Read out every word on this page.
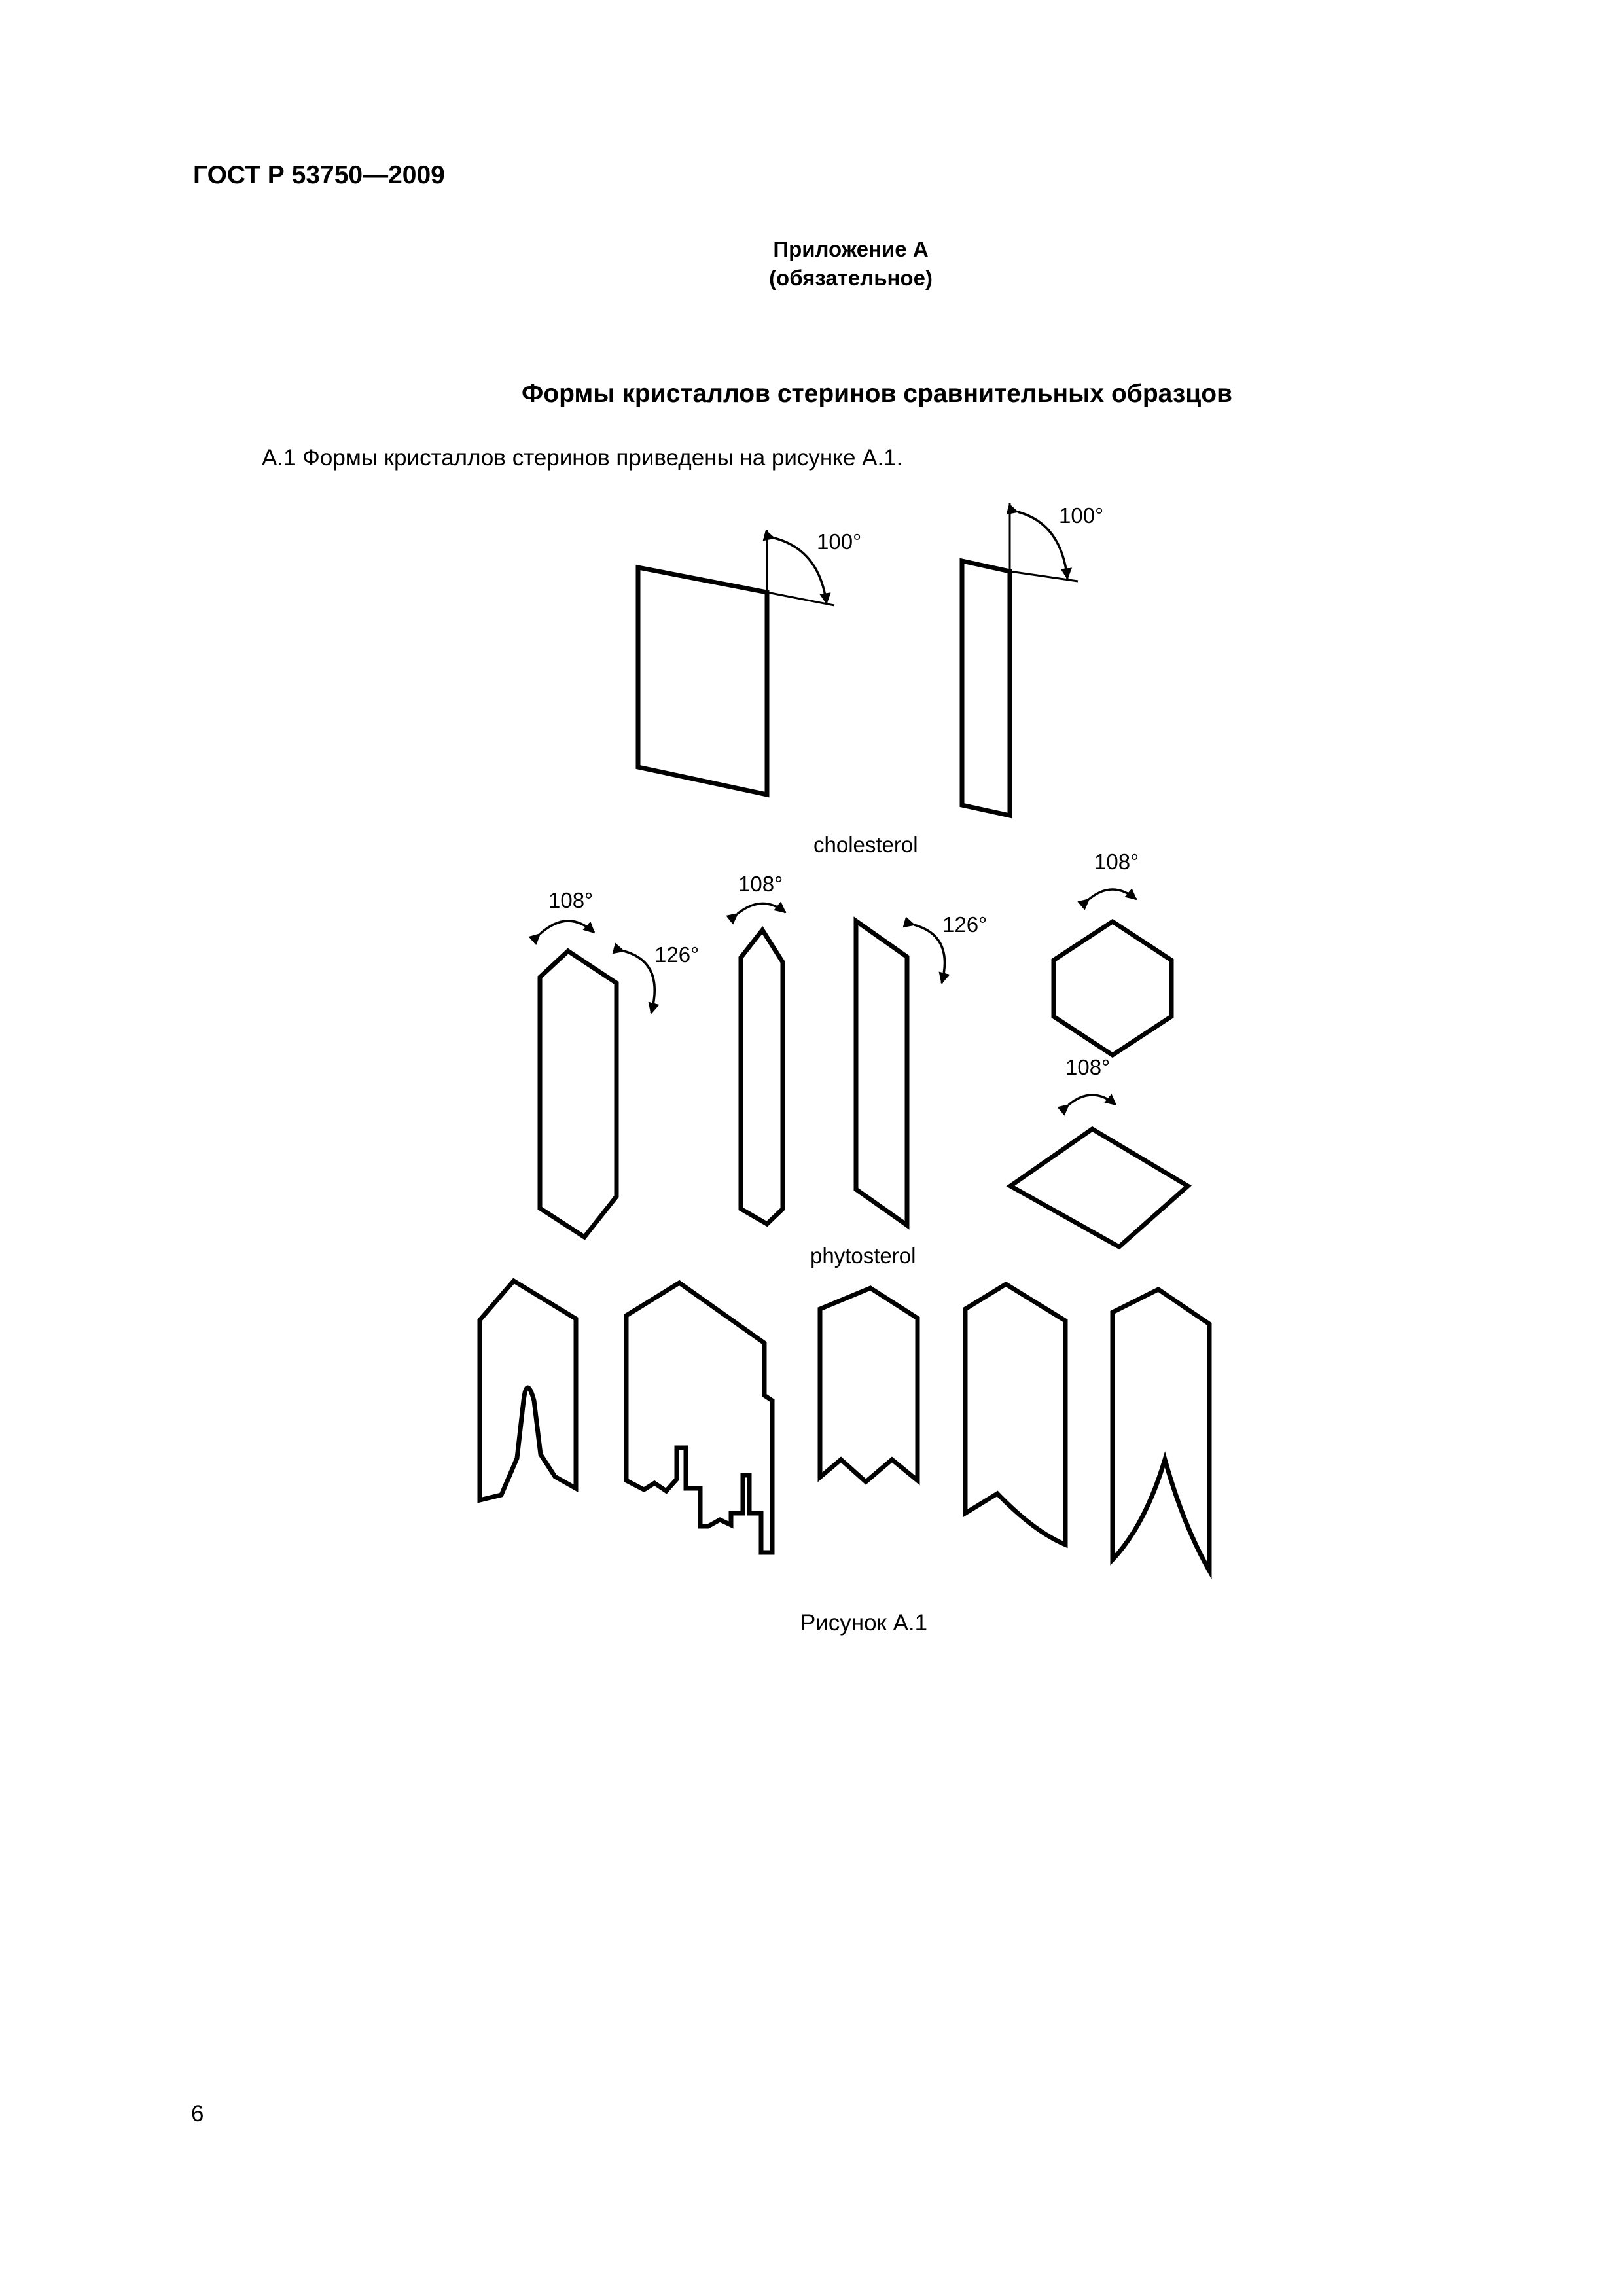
ГОСТ Р 53750—2009
Приложение А
(обязательное)
Формы кристаллов стеринов сравнительных образцов
А.1 Формы кристаллов стеринов приведены на рисунке А.1.
100°
100°
cholesterol
108°
126°
108°
126°
108°
108°
phytosterol
Рисунок А.1
6
